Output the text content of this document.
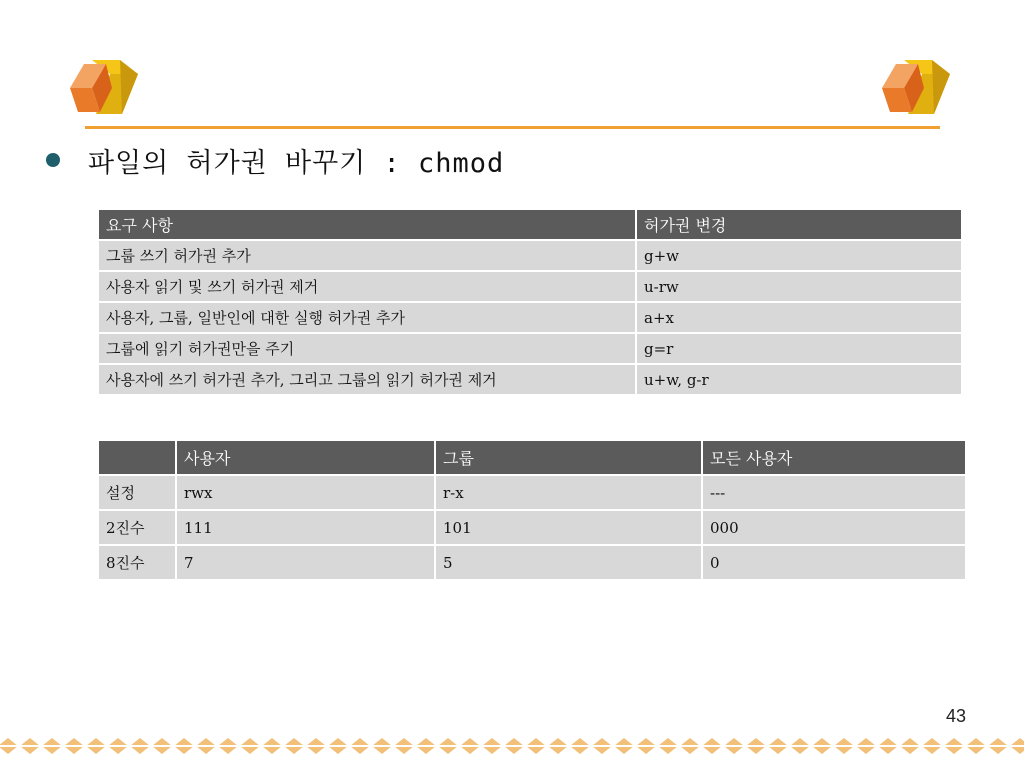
파일의 허가권 바꾸기 : chmod
요구 사항	허가권 변경
그룹 쓰기 허가권 추가	g+w
사용자 읽기 및 쓰기 허가권 제거	u-rw
사용자, 그룹, 일반인에 대한 실행 허가권 추가	a+x
그룹에 읽기 허가권만을 주기	g=r
사용자에 쓰기 허가권 추가, 그리고 그룹의 읽기 허가권 제거	u+w, g-r
	사용자	그룹	모든 사용자
설정	rwx	r-x	---
2진수	111	101	000
8진수	7	5	0
43
